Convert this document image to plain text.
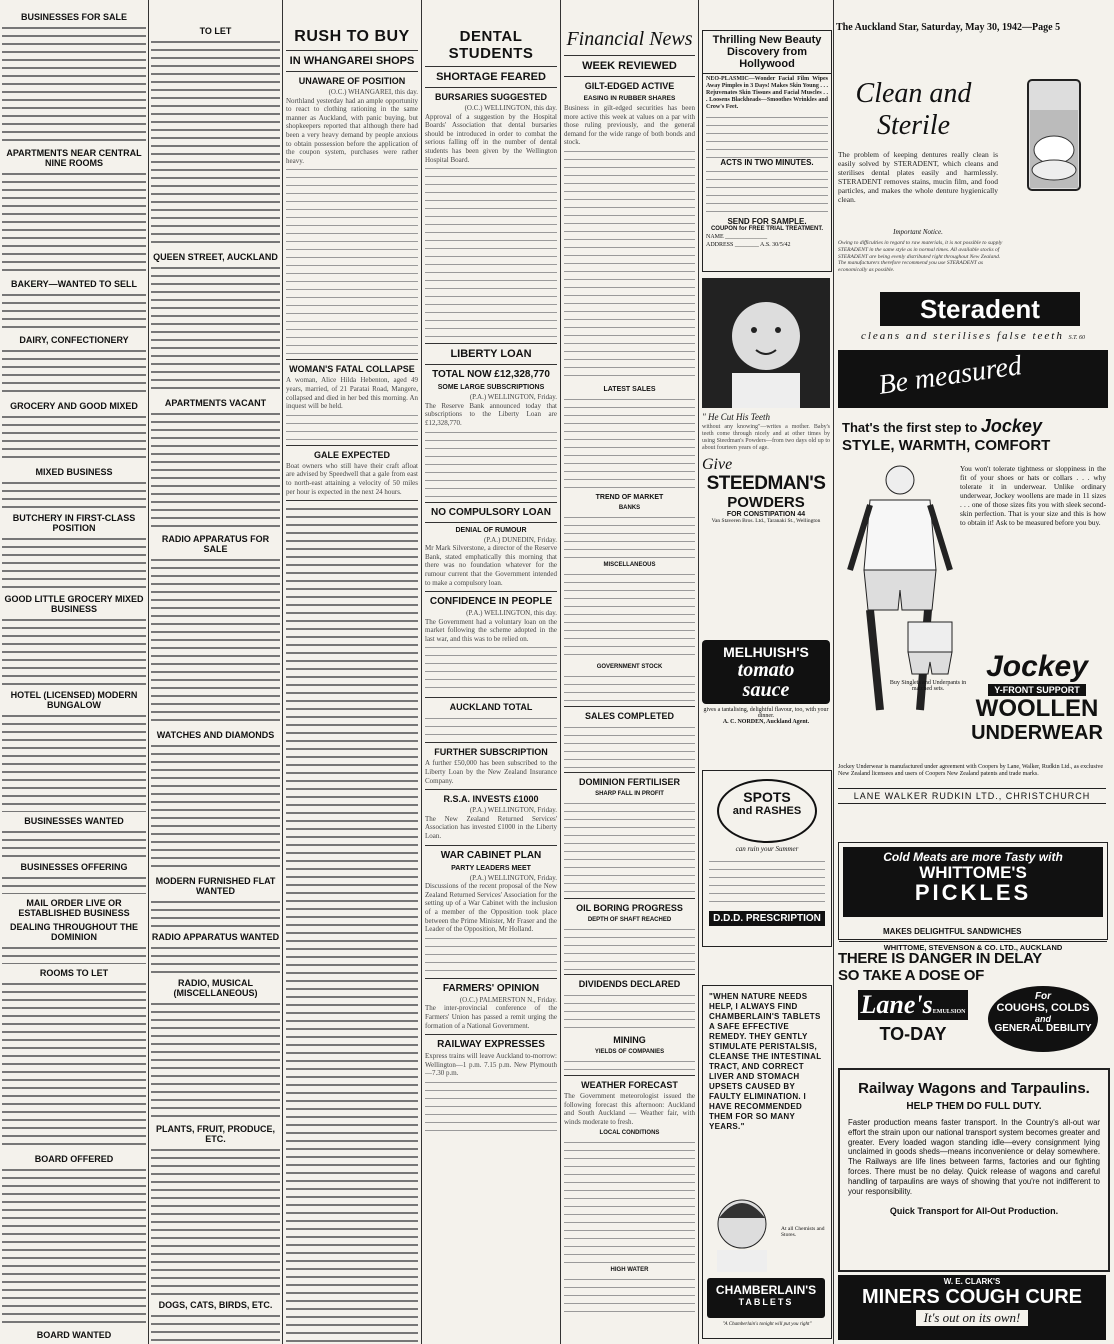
The Auckland Star, Saturday, May 30, 1942—Page 5
BUSINESSES FOR SALE
APARTMENTS NEAR CENTRAL NINE ROOMS
BAKERY—WANTED TO SELL
DAIRY, CONFECTIONERY
GROCERY AND GOOD MIXED
MIXED BUSINESS
BUTCHERY IN FIRST-CLASS POSITION
GOOD LITTLE GROCERY MIXED BUSINESS
HOTEL (LICENSED) MODERN BUNGALOW
BUSINESSES WANTED
BUSINESSES OFFERING
MAIL ORDER LIVE OR ESTABLISHED BUSINESS
DEALING THROUGHOUT THE DOMINION
ROOMS TO LET
BOARD OFFERED
BOARD WANTED
TO LET
QUEEN STREET, AUCKLAND
APARTMENTS VACANT
RADIO APPARATUS FOR SALE
WATCHES AND DIAMONDS
MODERN FURNISHED FLAT WANTED
RADIO APPARATUS WANTED
RADIO, MUSICAL (MISCELLANEOUS)
PLANTS, FRUIT, PRODUCE, ETC.
DOGS, CATS, BIRDS, ETC.
RUSH TO BUY
IN WHANGAREI SHOPS
UNAWARE OF POSITION
(O.C.) WHANGAREI, this day.
Northland yesterday had an ample opportunity to react to clothing rationing in the same manner as Auckland, with panic buying, but shopkeepers reported that although there had been a very heavy demand by people anxious to obtain possession before the application of the coupon system, purchases were rather heavy.
WOMAN'S FATAL COLLAPSE
A woman, Alice Hilda Hebenton, aged 49 years, married, of 21 Paratai Road, Mangere, collapsed and died in her bed this morning. An inquest will be held.
GALE EXPECTED
Boat owners who still have their craft afloat are advised by Speedwell that a gale from east to north-east attaining a velocity of 50 miles per hour is expected in the next 24 hours.
DENTAL STUDENTS
SHORTAGE FEARED
BURSARIES SUGGESTED
(O.C.) WELLINGTON, this day.
Approval of a suggestion by the Hospital Boards' Association that dental bursaries should be introduced in order to combat the serious falling off in the number of dental students has been given by the Wellington Hospital Board.
LIBERTY LOAN
TOTAL NOW £12,328,770
SOME LARGE SUBSCRIPTIONS
(P.A.) WELLINGTON, Friday.
The Reserve Bank announced today that subscriptions to the Liberty Loan are £12,328,770.
NO COMPULSORY LOAN
DENIAL OF RUMOUR
(P.A.) DUNEDIN, Friday.
Mr Mark Silverstone, a director of the Reserve Bank, stated emphatically this morning that there was no foundation whatever for the rumour current that the Government intended to make a compulsory loan.
CONFIDENCE IN PEOPLE
(P.A.) WELLINGTON, this day.
The Government had a voluntary loan on the market following the scheme adopted in the last war, and this was to be relied on.
AUCKLAND TOTAL
FURTHER SUBSCRIPTION
A further £50,000 has been subscribed to the Liberty Loan by the New Zealand Insurance Company.
R.S.A. INVESTS £1000
(P.A.) WELLINGTON, Friday.
The New Zealand Returned Services' Association has invested £1000 in the Liberty Loan.
WAR CABINET PLAN
PARTY LEADERS MEET
(P.A.) WELLINGTON, Friday.
Discussions of the recent proposal of the New Zealand Returned Services' Association for the setting up of a War Cabinet with the inclusion of a member of the Opposition took place between the Prime Minister, Mr Fraser and the Leader of the Opposition, Mr Holland.
FARMERS' OPINION
(O.C.) PALMERSTON N., Friday.
The inter-provincial conference of the Farmers' Union has passed a remit urging the formation of a National Government.
RAILWAY EXPRESSES
Express trains will leave Auckland to-morrow: Wellington—1 p.m. 7.15 p.m. New Plymouth—7.30 p.m.
Financial News
WEEK REVIEWED
GILT-EDGED ACTIVE
EASING IN RUBBER SHARES
Business in gilt-edged securities has been more active this week at values on a par with those ruling previously, and the general demand for the wide range of both bonds and stock.
LATEST SALES
TREND OF MARKET
BANKS
MISCELLANEOUS
GOVERNMENT STOCK
SALES COMPLETED
DOMINION FERTILISER
SHARP FALL IN PROFIT
OIL BORING PROGRESS
DEPTH OF SHAFT REACHED
DIVIDENDS DECLARED
MINING
YIELDS OF COMPANIES
WEATHER FORECAST
The Government meteorologist issued the following forecast this afternoon: Auckland and South Auckland — Weather fair, with winds moderate to fresh.
LOCAL CONDITIONS
HIGH WATER
Thrilling New Beauty Discovery from Hollywood
NEO-PLASMIC—Wonder Facial Film Wipes Away Pimples in 3 Days! Makes Skin Young . . . Rejuvenates Skin Tissues and Facial Muscles . . . Loosens Blackheads—Smoothes Wrinkles and Crow's Feet.
ACTS IN TWO MINUTES.
SEND FOR SAMPLE.
COUPON for FREE TRIAL TREATMENT.
NAME ______________
ADDRESS ________ A.S. 30/5/42
Clean and
Sterile
The problem of keeping dentures really clean is easily solved by STERADENT, which cleans and sterilises dental plates easily and harmlessly. STERADENT removes stains, mucin film, and food particles, and makes the whole denture hygienically clean.
Important Notice.
Owing to difficulties in regard to raw materials, it is not possible to supply STERADENT in the same style as in normal times. All available stocks of STERADENT are being evenly distributed right throughout New Zealand. The manufacturers therefore recommend you use STERADENT as economically as possible.
Steradent
cleans and sterilises false teeth S.T. 60
" He Cut His Teeth
without any knowing"—writes a mother. Baby's teeth come through nicely and at other times by using Steedman's Powders—from two days old up to about fourteen years of age.
Give
STEEDMAN'S
POWDERS
FOR CONSTIPATION 44
Van Staveren Bros. Ltd., Taranaki St., Wellington
MELHUISH'S
tomato
sauce
gives a tantalising, delightful flavour, too, with your dinner.
A. C. NORDEN, Auckland Agent.
SPOTS
and RASHES
can ruin your Summer
D.D.D. PRESCRIPTION
Be measured
That's the first step to Jockey
STYLE, WARMTH, COMFORT
You won't tolerate tightness or sloppiness in the fit of your shoes or hats or collars . . . why tolerate it in underwear. Unlike ordinary underwear, Jockey woollens are made in 11 sizes . . . one of those sizes fits you with sleek second-skin perfection. That is your size and this is how to obtain it! Ask to be measured before you buy.
Buy Singlets and Underpants in matched sets.
Jockey
Y-FRONT SUPPORT
WOOLLEN
UNDERWEAR
Jockey Underwear is manufactured under agreement with Coopers by Lane, Walker, Rudkin Ltd., as exclusive New Zealand licensees and users of Coopers New Zealand patents and trade marks.
LANE WALKER RUDKIN LTD., CHRISTCHURCH
Cold Meats are more Tasty with
WHITTOME'S
PICKLES
MAKES DELIGHTFUL SANDWICHES
WHITTOME, STEVENSON & CO. LTD., AUCKLAND
THERE IS DANGER IN DELAY
SO TAKE A DOSE OF
Lane'sEMULSION
TO-DAY
For
COUGHS, COLDS
and
GENERAL DEBILITY
"WHEN NATURE NEEDS HELP, I ALWAYS FIND CHAMBERLAIN'S TABLETS A SAFE EFFECTIVE REMEDY. THEY GENTLY STIMULATE PERISTALSIS, CLEANSE THE INTESTINAL TRACT, AND CORRECT LIVER AND STOMACH UPSETS CAUSED BY FAULTY ELIMINATION. I HAVE RECOMMENDED THEM FOR SO MANY YEARS."
At all Chemists and Stores.
CHAMBERLAIN'S
TABLETS
"A Chamberlain's tonight will put you right"
Railway Wagons and Tarpaulins.
HELP THEM DO FULL DUTY.
Faster production means faster transport. In the Country's all-out war effort the strain upon our national transport system becomes greater and greater. Every loaded wagon standing idle—every consignment lying unclaimed in goods sheds—means inconvenience or delay somewhere. The Railways are life lines between farms, factories and our fighting forces. There must be no delay. Quick release of wagons and careful handling of tarpaulins are ways of showing that you're not indifferent to your responsibility.
Quick Transport for All-Out Production.
W. E. CLARK'S
MINERS COUGH CURE
It's out on its own!
